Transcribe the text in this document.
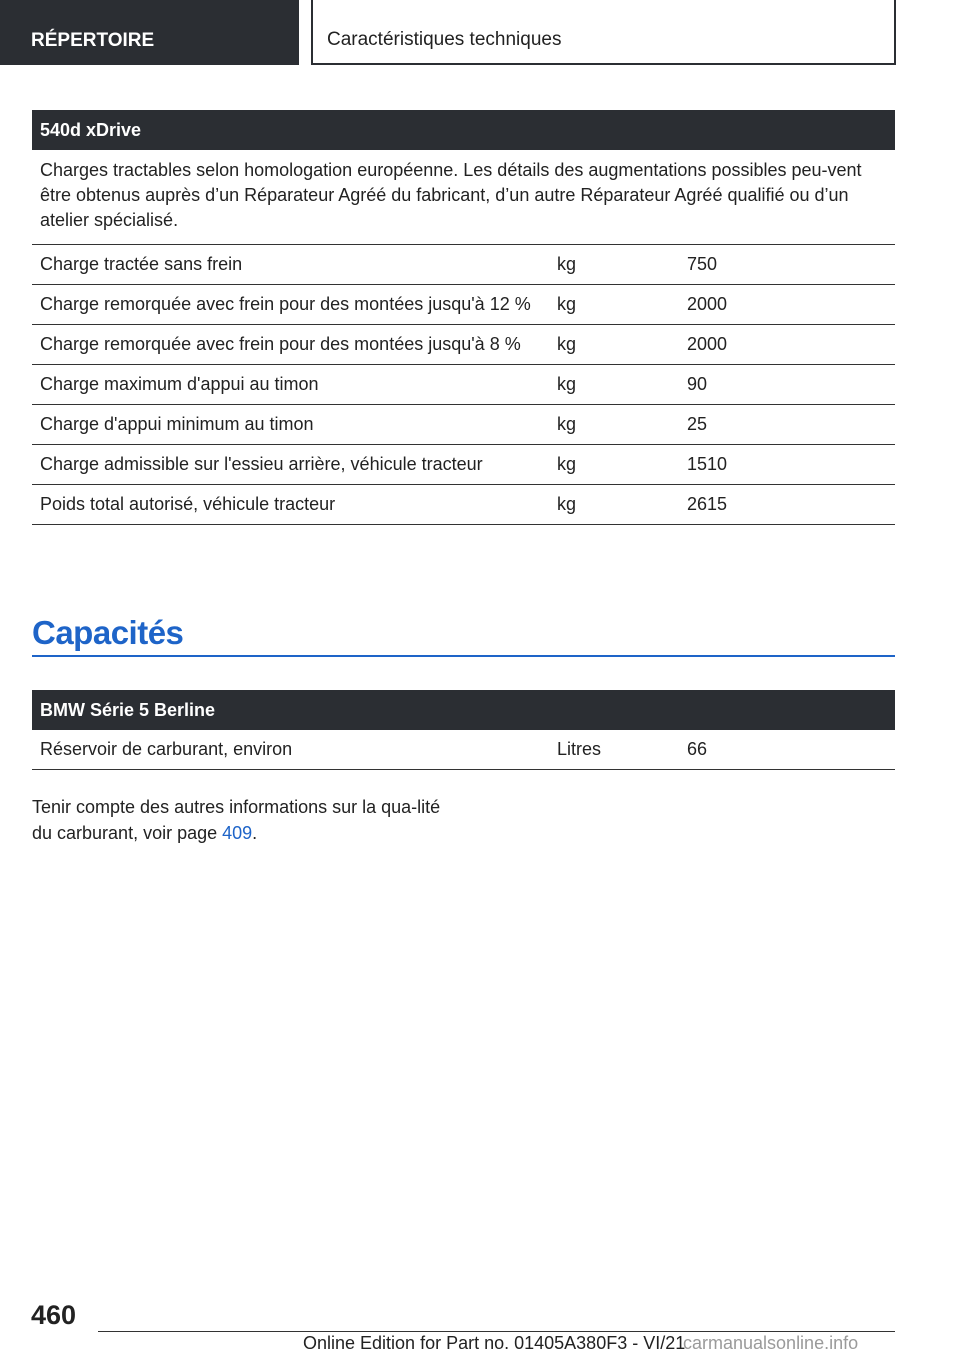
RÉPERTOIRE	Caractéristiques techniques
540d xDrive		
Charges tractables selon homologation européenne. Les détails des augmentations possibles peu-vent être obtenus auprès d’un Réparateur Agréé du fabricant, d’un autre Réparateur Agréé qualifié ou d’un atelier spécialisé.		
Charge tractée sans frein	kg	750
Charge remorquée avec frein pour des montées jusqu'à 12 %	kg	2000
Charge remorquée avec frein pour des montées jusqu'à 8 %	kg	2000
Charge maximum d'appui au timon	kg	90
Charge d'appui minimum au timon	kg	25
Charge admissible sur l'essieu arrière, véhicule tracteur	kg	1510
Poids total autorisé, véhicule tracteur	kg	2615
Capacités
BMW Série 5 Berline
Réservoir de carburant, environ	Litres	66

Tenir compte des autres informations sur la qua-lité du carburant, voir page 409.

460
Online Edition for Part no. 01405A380F3 - VI/21
carmanualsonline.info
